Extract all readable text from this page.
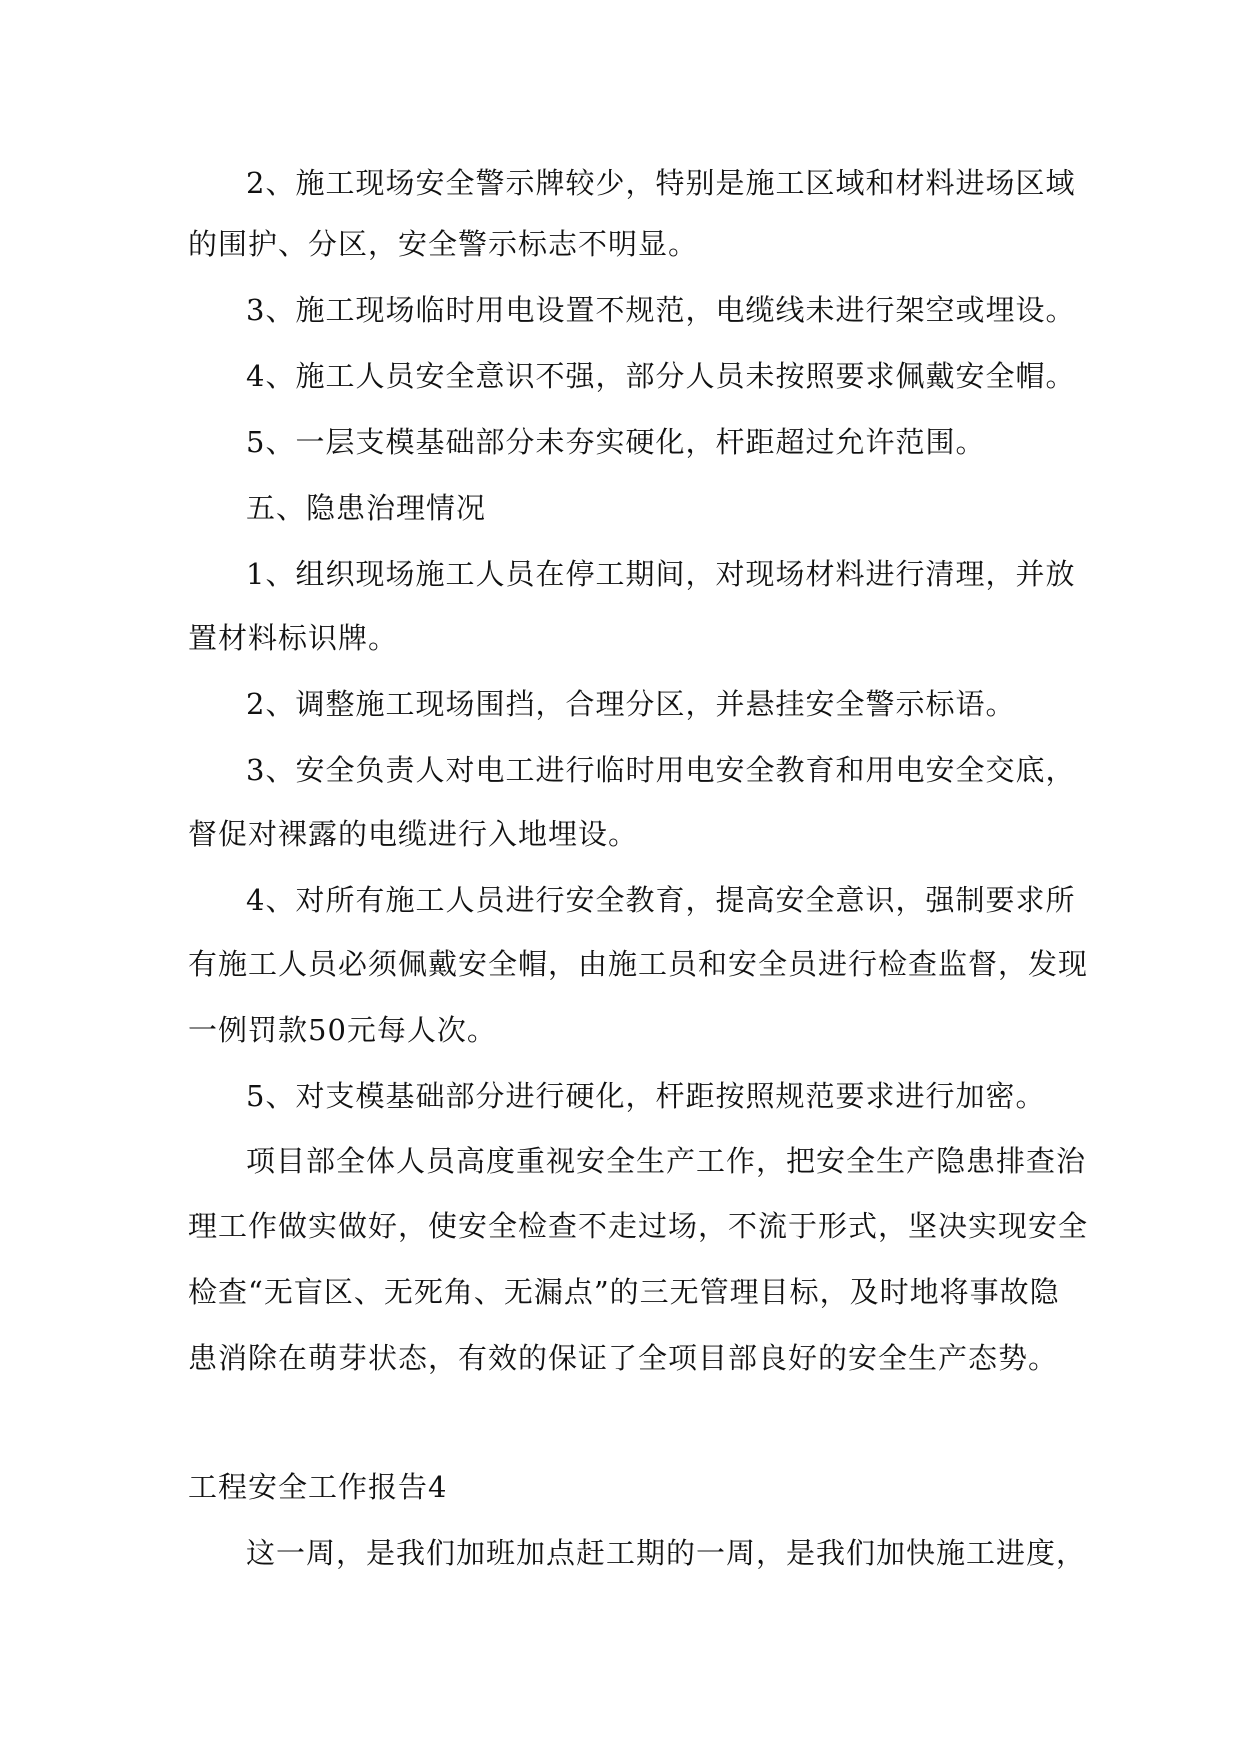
2、施工现场安全警示牌较少，特别是施工区域和材料进场区域
的围护、分区，安全警示标志不明显。
3、施工现场临时用电设置不规范，电缆线未进行架空或埋设。
4、施工人员安全意识不强，部分人员未按照要求佩戴安全帽。
5、一层支模基础部分未夯实硬化，杆距超过允许范围。
五、隐患治理情况
1、组织现场施工人员在停工期间，对现场材料进行清理，并放
置材料标识牌。
2、调整施工现场围挡，合理分区，并悬挂安全警示标语。
3、安全负责人对电工进行临时用电安全教育和用电安全交底，
督促对裸露的电缆进行入地埋设。
4、对所有施工人员进行安全教育，提高安全意识，强制要求所
有施工人员必须佩戴安全帽，由施工员和安全员进行检查监督，发现
一例罚款50元每人次。
5、对支模基础部分进行硬化，杆距按照规范要求进行加密。
项目部全体人员高度重视安全生产工作，把安全生产隐患排查治
理工作做实做好，使安全检查不走过场，不流于形式，坚决实现安全
检查“无盲区、无死角、无漏点”的三无管理目标，及时地将事故隐
患消除在萌芽状态，有效的保证了全项目部良好的安全生产态势。
工程安全工作报告4
这一周，是我们加班加点赶工期的一周，是我们加快施工进度，
